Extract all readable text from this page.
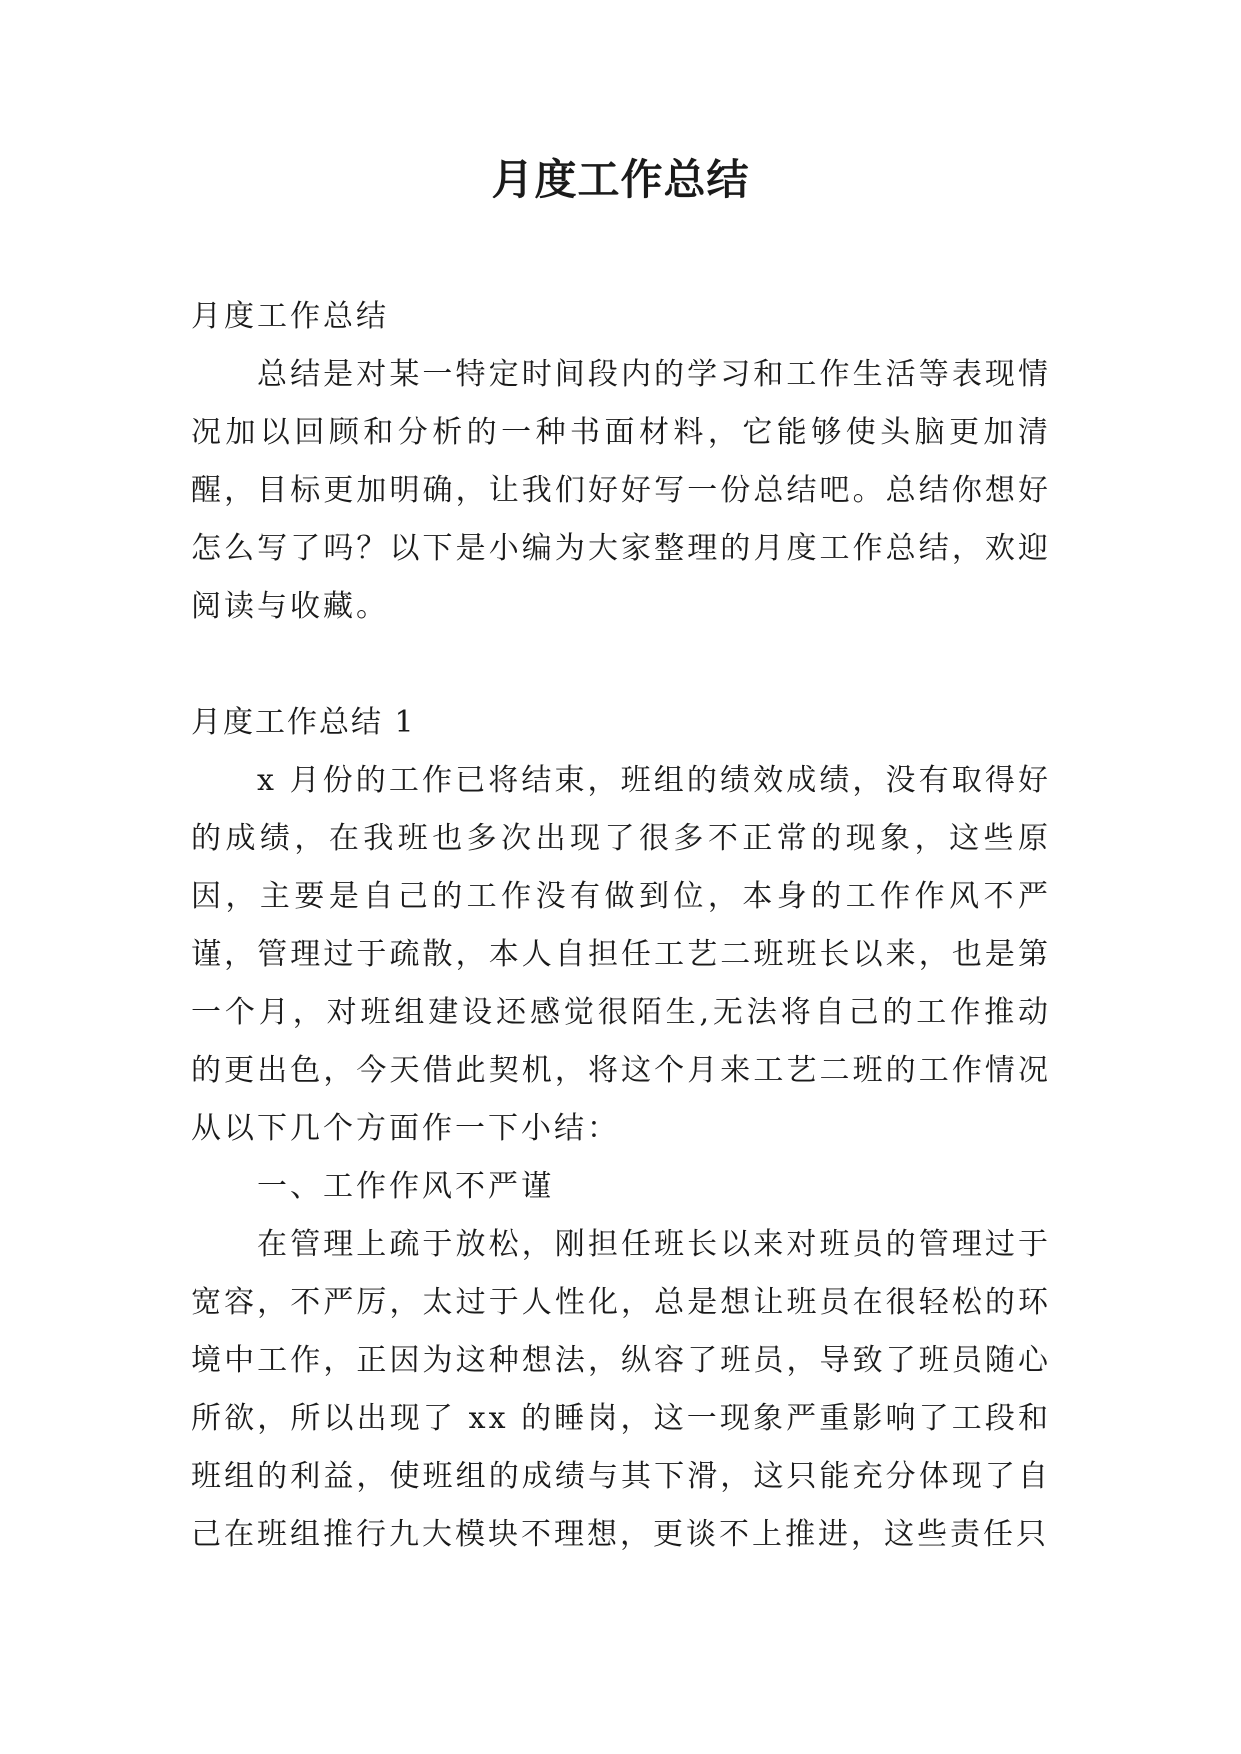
月度工作总结

月度工作总结

总结是对某一特定时间段内的学习和工作生活等表现情况加以回顾和分析的一种书面材料，它能够使头脑更加清醒，目标更加明确，让我们好好写一份总结吧。总结你想好怎么写了吗？以下是小编为大家整理的月度工作总结，欢迎阅读与收藏。

月度工作总结 1

x 月份的工作已将结束，班组的绩效成绩，没有取得好的成绩，在我班也多次出现了很多不正常的现象，这些原因，主要是自己的工作没有做到位，本身的工作作风不严谨，管理过于疏散，本人自担任工艺二班班长以来，也是第一个月，对班组建设还感觉很陌生,无法将自己的工作推动的更出色，今天借此契机，将这个月来工艺二班的工作情况从以下几个方面作一下小结：

一、工作作风不严谨

在管理上疏于放松，刚担任班长以来对班员的管理过于宽容，不严厉，太过于人性化，总是想让班员在很轻松的环境中工作，正因为这种想法，纵容了班员，导致了班员随心所欲，所以出现了 xx 的睡岗，这一现象严重影响了工段和班组的利益，使班组的成绩与其下滑，这只能充分体现了自己在班组推行九大模块不理想，更谈不上推进，这些责任只
